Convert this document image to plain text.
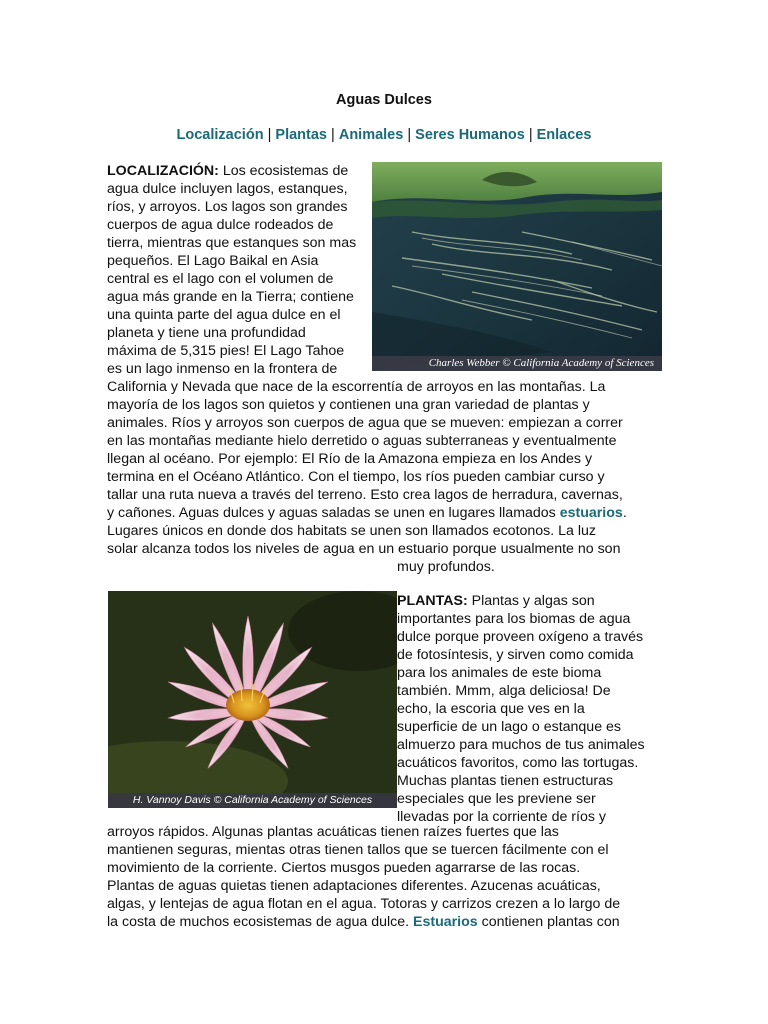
Aguas Dulces
Localización | Plantas | Animales | Seres Humanos | Enlaces
LOCALIZACIÓN: Los ecosistemas de
agua dulce incluyen lagos, estanques,
ríos, y arroyos. Los lagos son grandes
cuerpos de agua dulce rodeados de
tierra, mientras que estanques son mas
pequeños. El Lago Baikal en Asia
central es el lago con el volumen de
agua más grande en la Tierra; contiene
una quinta parte del agua dulce en el
planeta y tiene una profundidad
máxima de 5,315 pies! El Lago Tahoe
es un lago inmenso en la frontera de	Charles Webber © California Academy of Sciences
California y Nevada que nace de la escorrentía de arroyos en las montañas. La
mayoría de los lagos son quietos y contienen una gran variedad de plantas y
animales. Ríos y arroyos son cuerpos de agua que se mueven: empiezan a correr
en las montañas mediante hielo derretido o aguas subterraneas y eventualmente
llegan al océano. Por ejemplo: El Río de la Amazona empieza en los Andes y
termina en el Océano Atlántico. Con el tiempo, los ríos pueden cambiar curso y
tallar una ruta nueva a través del terreno. Esto crea lagos de herradura, cavernas,
y cañones. Aguas dulces y aguas saladas se unen en lugares llamados estuarios.
Lugares únicos en donde dos habitats se unen son llamados ecotonos. La luz
solar alcanza todos los niveles de agua en un estuario porque usualmente no son
muy profundos.
H. Vannoy Davis © California Academy of Sciences
PLANTAS: Plantas y algas son
importantes para los biomas de agua
dulce porque proveen oxígeno a través
de fotosíntesis, y sirven como comida
para los animales de este bioma
también. Mmm, alga deliciosa! De
echo, la escoria que ves en la
superficie de un lago o estanque es
almuerzo para muchos de tus animales
acuáticos favoritos, como las tortugas.
Muchas plantas tienen estructuras
especiales que les previene ser
llevadas por la corriente de ríos y
arroyos rápidos. Algunas plantas acuáticas tienen raízes fuertes que las
mantienen seguras, mientas otras tienen tallos que se tuercen fácilmente con el
movimiento de la corriente. Ciertos musgos pueden agarrarse de las rocas.
Plantas de aguas quietas tienen adaptaciones diferentes. Azucenas acuáticas,
algas, y lentejas de agua flotan en el agua. Totoras y carrizos crezen a lo largo de
la costa de muchos ecosistemas de agua dulce. Estuarios contienen plantas con
